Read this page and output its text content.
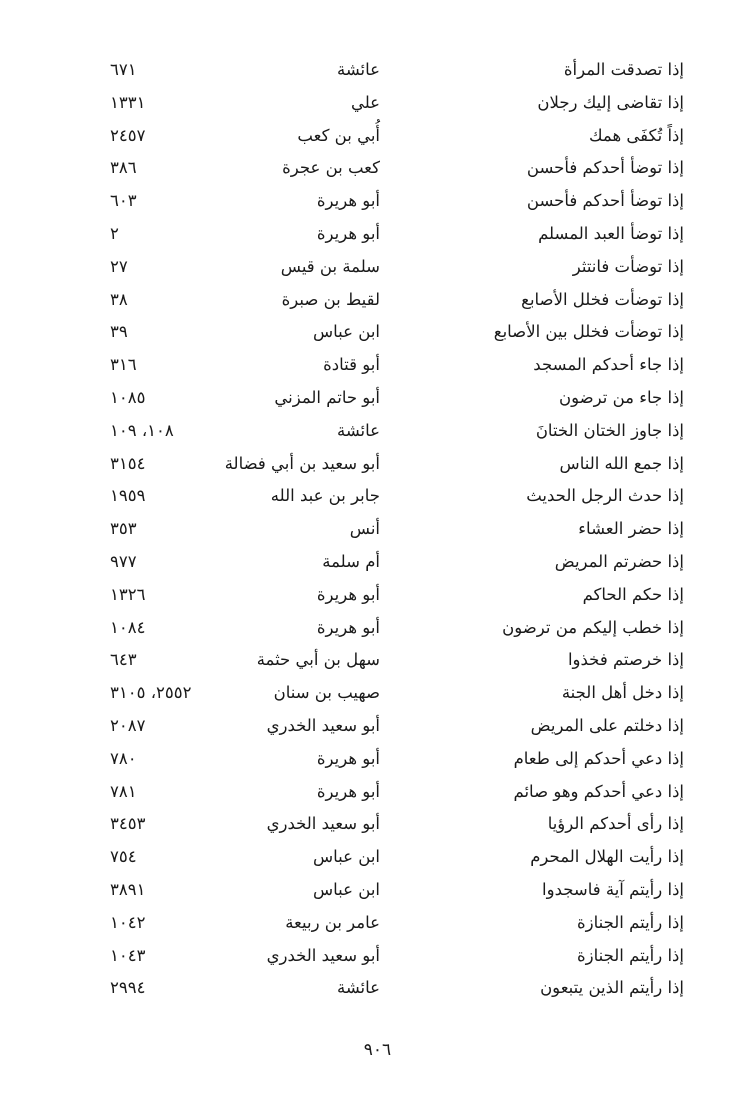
إذا تصدقت المرأة
عائشة
٦٧١
إذا تقاضى إليك رجلان
علي
١٣٣١
إذاً تُكفَى همك
أُبي بن كعب
٢٤٥٧
إذا توضأ أحدكم فأحسن
كعب بن عجرة
٣٨٦
إذا توضأ أحدكم فأحسن
أبو هريرة
٦٠٣
إذا توضأ العبد المسلم
أبو هريرة
٢
إذا توضأت فانتثر
سلمة بن قيس
٢٧
إذا توضأت فخلل الأصابع
لقيط بن صبرة
٣٨
إذا توضأت فخلل بين الأصابع
ابن عباس
٣٩
إذا جاء أحدكم المسجد
أبو قتادة
٣١٦
إذا جاء من ترضون
أبو حاتم المزني
١٠٨٥
إذا جاوز الختان الختانَ
عائشة
١٠٨، ١٠٩
إذا جمع الله الناس
أبو سعيد بن أبي فضالة
٣١٥٤
إذا حدث الرجل الحديث
جابر بن عبد الله
١٩٥٩
إذا حضر العشاء
أنس
٣٥٣
إذا حضرتم المريض
أم سلمة
٩٧٧
إذا حكم الحاكم
أبو هريرة
١٣٢٦
إذا خطب إليكم من ترضون
أبو هريرة
١٠٨٤
إذا خرصتم فخذوا
سهل بن أبي حثمة
٦٤٣
إذا دخل أهل الجنة
صهيب بن سنان
٢٥٥٢، ٣١٠٥
إذا دخلتم على المريض
أبو سعيد الخدري
٢٠٨٧
إذا دعي أحدكم إلى طعام
أبو هريرة
٧٨٠
إذا دعي أحدكم وهو صائم
أبو هريرة
٧٨١
إذا رأى أحدكم الرؤيا
أبو سعيد الخدري
٣٤٥٣
إذا رأيت الهلال المحرم
ابن عباس
٧٥٤
إذا رأيتم آية فاسجدوا
ابن عباس
٣٨٩١
إذا رأيتم الجنازة
عامر بن ربيعة
١٠٤٢
إذا رأيتم الجنازة
أبو سعيد الخدري
١٠٤٣
إذا رأيتم الذين يتبعون
عائشة
٢٩٩٤
٩٠٦
